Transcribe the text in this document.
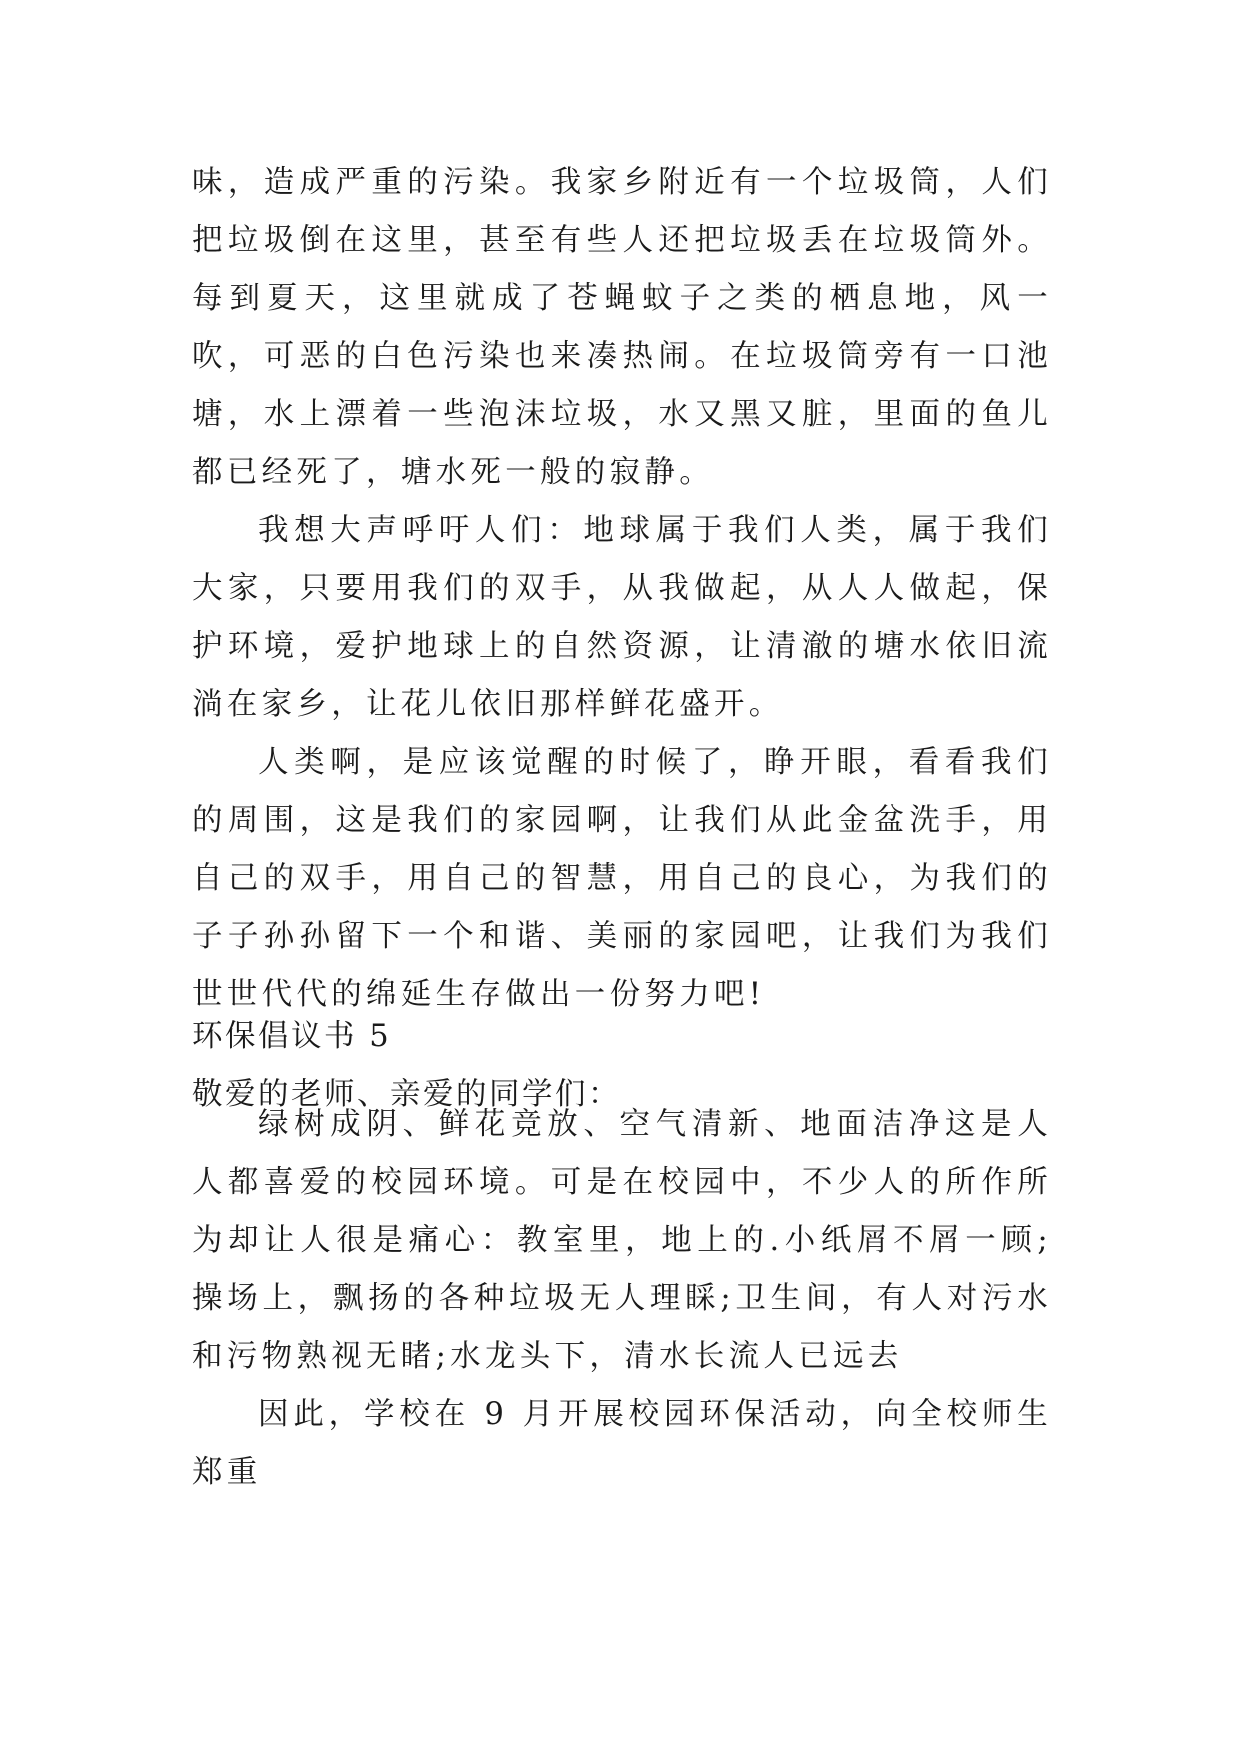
味，造成严重的污染。我家乡附近有一个垃圾筒，人们把垃圾倒在这里，甚至有些人还把垃圾丢在垃圾筒外。每到夏天，这里就成了苍蝇蚊子之类的栖息地，风一吹，可恶的白色污染也来凑热闹。在垃圾筒旁有一口池塘，水上漂着一些泡沫垃圾，水又黑又脏，里面的鱼儿都已经死了，塘水死一般的寂静。

我想大声呼吁人们：地球属于我们人类，属于我们大家，只要用我们的双手，从我做起，从人人做起，保护环境，爱护地球上的自然资源，让清澈的塘水依旧流淌在家乡，让花儿依旧那样鲜花盛开。

人类啊，是应该觉醒的时候了，睁开眼，看看我们的周围，这是我们的家园啊，让我们从此金盆洗手，用自己的双手，用自己的智慧，用自己的良心，为我们的子子孙孙留下一个和谐、美丽的家园吧，让我们为我们世世代代的绵延生存做出一份努力吧!

环保倡议书 5

敬爱的老师、亲爱的同学们：

绿树成阴、鲜花竞放、空气清新、地面洁净这是人人都喜爱的校园环境。可是在校园中，不少人的所作所为却让人很是痛心：教室里，地上的.小纸屑不屑一顾;操场上，飘扬的各种垃圾无人理睬;卫生间，有人对污水和污物熟视无睹;水龙头下，清水长流人已远去

因此，学校在 9 月开展校园环保活动，向全校师生郑重
